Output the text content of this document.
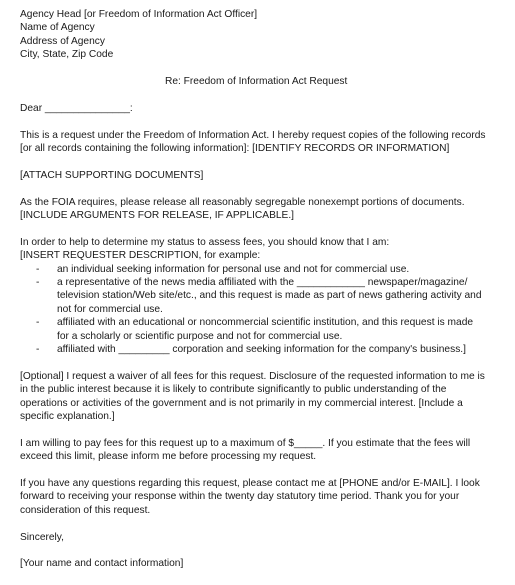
Agency Head [or Freedom of Information Act Officer]
Name of Agency
Address of Agency
City, State, Zip Code
Re: Freedom of Information Act Request
Dear _______________:
This is a request under the Freedom of Information Act. I hereby request copies of the following records
[or all records containing the following information]: [IDENTIFY RECORDS OR INFORMATION]
[ATTACH SUPPORTING DOCUMENTS]
As the FOIA requires, please release all reasonably segregable nonexempt portions of documents.
[INCLUDE ARGUMENTS FOR RELEASE, IF APPLICABLE.]
In order to help to determine my status to assess fees, you should know that I am:
[INSERT REQUESTER DESCRIPTION, for example:
- an individual seeking information for personal use and not for commercial use.
- a representative of the news media affiliated with the ____________ newspaper/magazine/
television station/Web site/etc., and this request is made as part of news gathering activity and
not for commercial use.
- affiliated with an educational or noncommercial scientific institution, and this request is made
for a scholarly or scientific purpose and not for commercial use.
- affiliated with _________ corporation and seeking information for the company's business.]
[Optional] I request a waiver of all fees for this request. Disclosure of the requested information to me is
in the public interest because it is likely to contribute significantly to public understanding of the
operations or activities of the government and is not primarily in my commercial interest. [Include a
specific explanation.]
I am willing to pay fees for this request up to a maximum of $_____. If you estimate that the fees will
exceed this limit, please inform me before processing my request.
If you have any questions regarding this request, please contact me at [PHONE and/or E-MAIL]. I look
forward to receiving your response within the twenty day statutory time period. Thank you for your
consideration of this request.
Sincerely,
[Your name and contact information]
